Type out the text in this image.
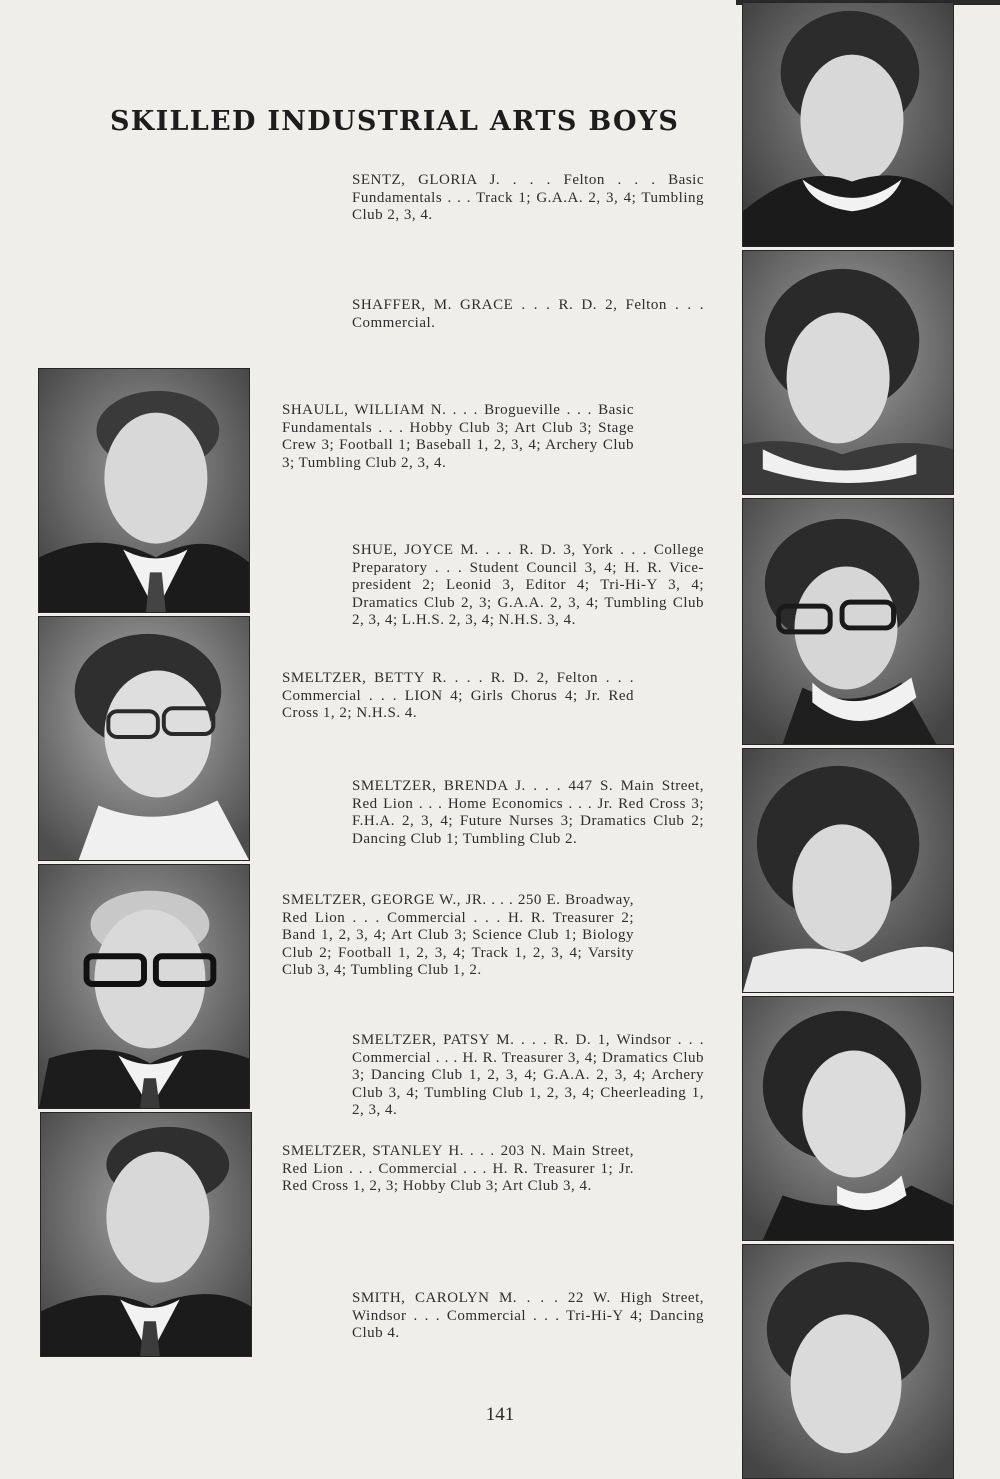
SKILLED INDUSTRIAL ARTS BOYS

SENTZ, GLORIA J. . . . Felton . . . Basic Fundamentals . . . Track 1; G.A.A. 2, 3, 4; Tumbling Club 2, 3, 4.

SHAFFER, M. GRACE . . . R. D. 2, Felton . . . Commercial.

SHAULL, WILLIAM N. . . . Brogueville . . . Basic Fundamentals . . . Hobby Club 3; Art Club 3; Stage Crew 3; Football 1; Baseball 1, 2, 3, 4; Archery Club 3; Tumbling Club 2, 3, 4.

SHUE, JOYCE M. . . . R. D. 3, York . . . College Preparatory . . . Student Council 3, 4; H. R. Vice-president 2; Leonid 3, Editor 4; Tri-Hi-Y 3, 4; Dramatics Club 2, 3; G.A.A. 2, 3, 4; Tumbling Club 2, 3, 4; L.H.S. 2, 3, 4; N.H.S. 3, 4.

SMELTZER, BETTY R. . . . R. D. 2, Felton . . . Commercial . . . LION 4; Girls Chorus 4; Jr. Red Cross 1, 2; N.H.S. 4.

SMELTZER, BRENDA J. . . . 447 S. Main Street, Red Lion . . . Home Economics . . . Jr. Red Cross 3; F.H.A. 2, 3, 4; Future Nurses 3; Dramatics Club 2; Dancing Club 1; Tumbling Club 2.

SMELTZER, GEORGE W., JR. . . . 250 E. Broadway, Red Lion . . . Commercial . . . H. R. Treasurer 2; Band 1, 2, 3, 4; Art Club 3; Science Club 1; Biology Club 2; Football 1, 2, 3, 4; Track 1, 2, 3, 4; Varsity Club 3, 4; Tumbling Club 1, 2.

SMELTZER, PATSY M. . . . R. D. 1, Windsor . . . Commercial . . . H. R. Treasurer 3, 4; Dramatics Club 3; Dancing Club 1, 2, 3, 4; G.A.A. 2, 3, 4; Archery Club 3, 4; Tumbling Club 1, 2, 3, 4; Cheerleading 1, 2, 3, 4.

SMELTZER, STANLEY H. . . . 203 N. Main Street, Red Lion . . . Commercial . . . H. R. Treasurer 1; Jr. Red Cross 1, 2, 3; Hobby Club 3; Art Club 3, 4.

SMITH, CAROLYN M. . . . 22 W. High Street, Windsor . . . Commercial . . . Tri-Hi-Y 4; Dancing Club 4.

141
